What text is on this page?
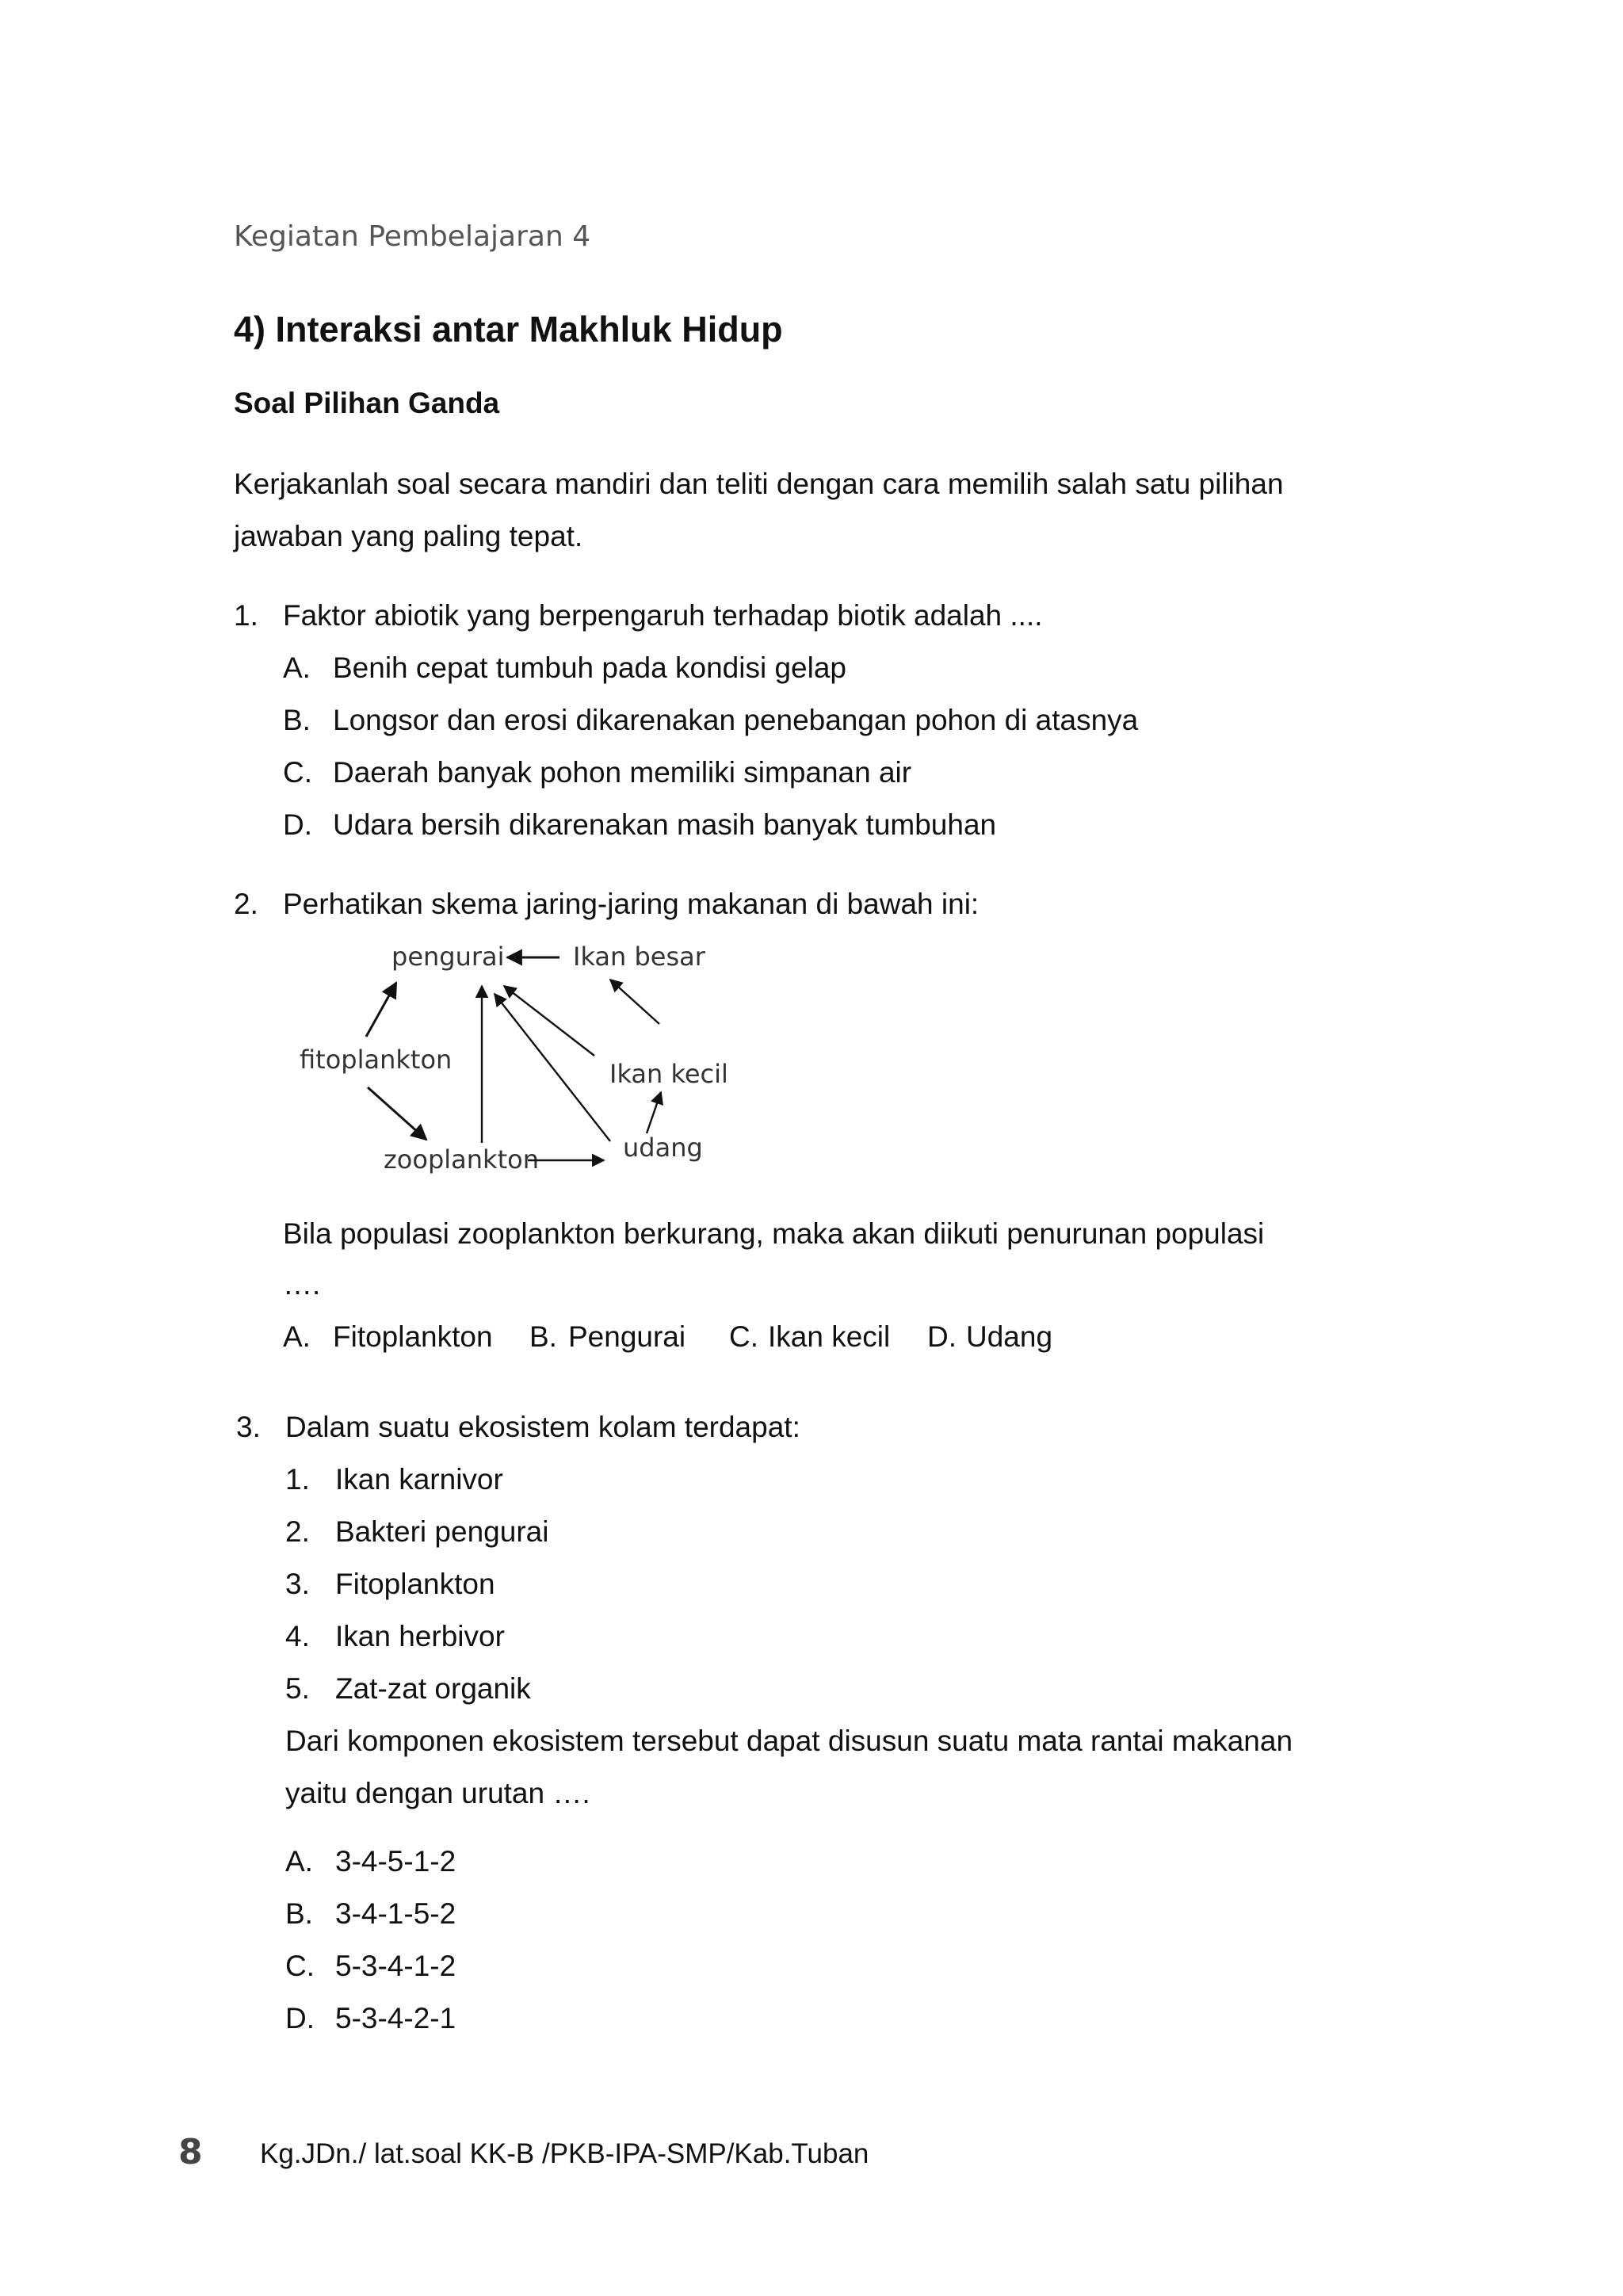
Kegiatan Pembelajaran 4

4) Interaksi antar Makhluk Hidup
Soal Pilihan Ganda

Kerjakanlah soal secara mandiri dan teliti dengan cara memilih salah satu pilihan

jawaban yang paling tepat.

1. Faktor abiotik yang berpengaruh terhadap biotik adalah ....
A. Benih cepat tumbuh pada kondisi gelap
B. Longsor dan erosi dikarenakan penebangan pohon di atasnya
C. Daerah banyak pohon memiliki simpanan air
D. Udara bersih dikarenakan masih banyak tumbuhan
2. Perhatikan skema jaring-jaring makanan di bawah ini:
pengurai	Ikan besar
fitoplankton	Ikan kecil
zooplankton	udang
Bila populasi zooplankton berkurang, maka akan diikuti penurunan populasi
….
A. Fitoplankton B. Pengurai C. Ikan kecil D. Udang
3. Dalam suatu ekosistem kolam terdapat:
1. Ikan karnivor
2. Bakteri pengurai
3. Fitoplankton
4. Ikan herbivor
5. Zat-zat organik
Dari komponen ekosistem tersebut dapat disusun suatu mata rantai makanan
yaitu dengan urutan ….
A. 3-4-5-1-2
B. 3-4-1-5-2
C. 5-3-4-1-2
D. 5-3-4-2-1
8 Kg.JDn./ lat.soal KK-B /PKB-IPA-SMP/Kab.Tuban
